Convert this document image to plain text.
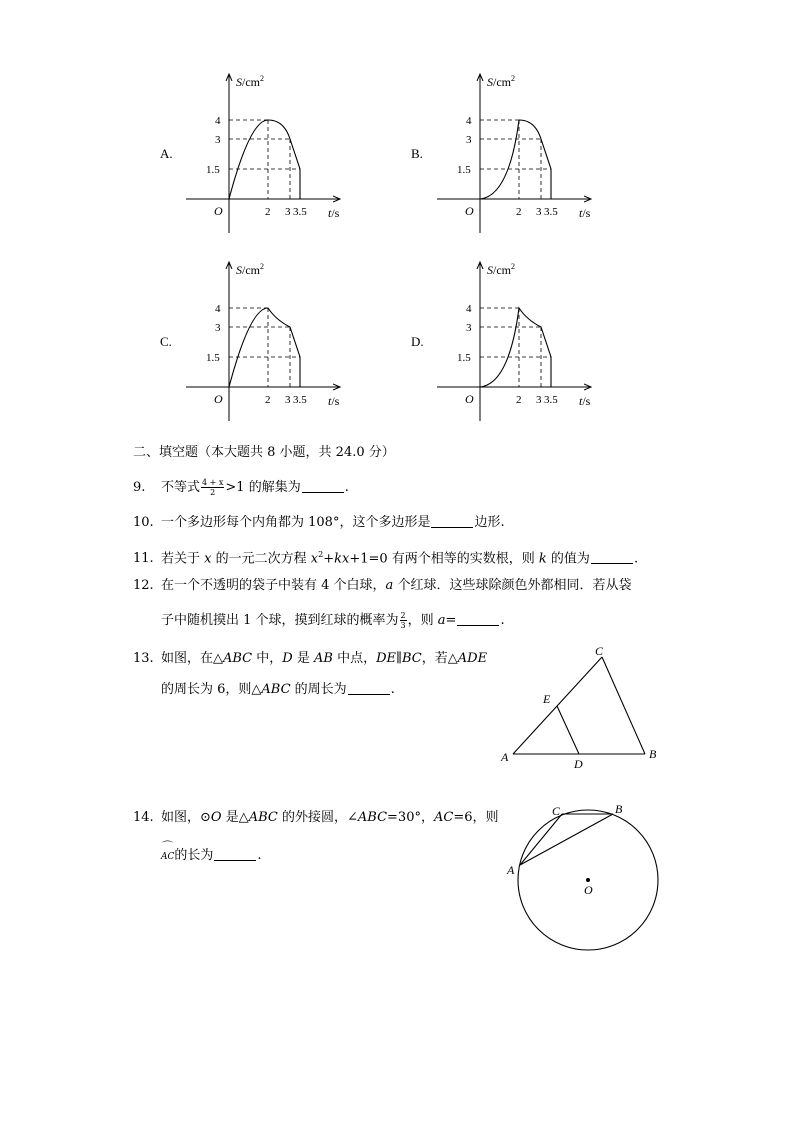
A.	B.
C.	D.
$S/cm^2$
4
3
1.5
O	2 3 3.5 t/s
$S/cm^2$
4
3
1.5
O	2 3 3.5 t/s
$S/cm^2$
4
3
1.5
O	2 3 3.5 t/s
$S/cm^2$
4
3
1.5
O	2 3 3.5 t/s
二、填空题（本大题共 8 小题，共 24.0 分）
9. 不等式 $\frac{4 + x}{2} >1$ 的解集为	.
10. 一个多边形每个内角都为 108°，这个多边形是	边形.
11. 若关于 x 的一元二次方程 $x^2+kx+1=0$ 有两个相等的实数根，则 k 的值为	.
12. 在一个不透明的袋子中装有 4 个白球，a 个红球．这些球除颜色外都相同．若从袋
子中随机摸出 1 个球，摸到红球的概率为 $\frac{2}{3}$ ，则 a=	.
13. 如图，在△ABC 中，D 是 AB 中点，DE∥BC，若△ADE
的周长为 6，则△ABC 的周长为	.
A	B
C
D
E
14. 如图，⊙O 是△ABC 的外接圆，∠ABC=30°，AC=6，则
⌒ AC的长为	.
A
B
C
O
